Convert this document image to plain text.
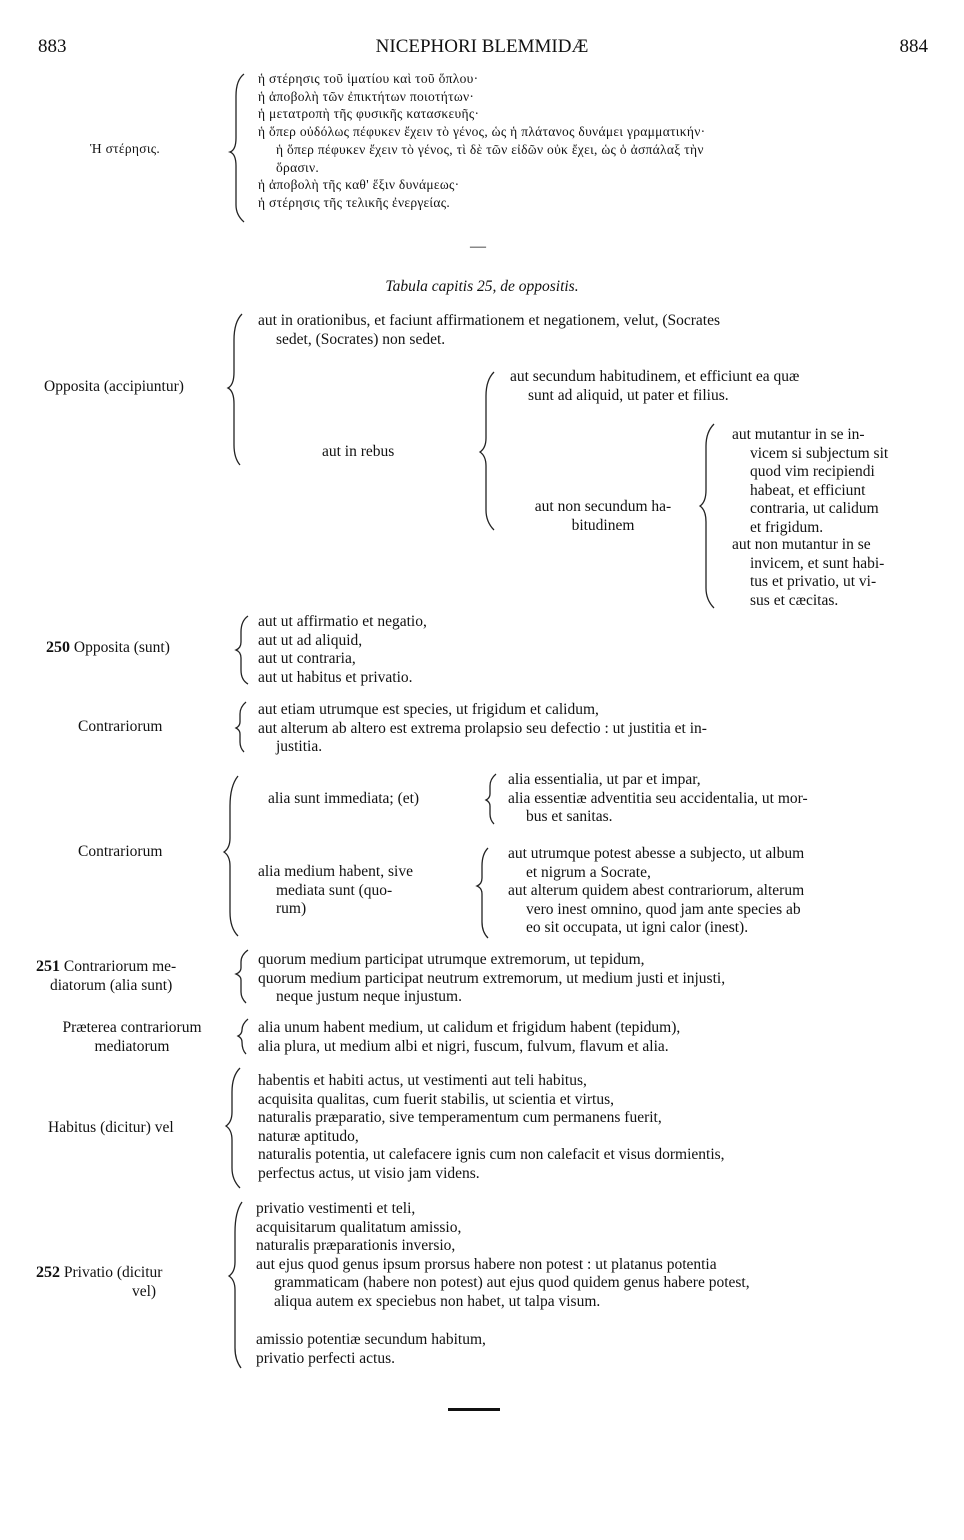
883	NICEPHORI BLEMMIDÆ	884
Ἡ στέρησις.
ἡ στέρησις τοῦ ἱματίου καὶ τοῦ ὅπλου·
ἡ ἀποβολὴ τῶν ἐπικτήτων ποιοτήτων·
ἡ μετατροπὴ τῆς φυσικῆς κατασκευῆς·
ἡ ὅπερ οὐδόλως πέφυκεν ἔχειν τὸ γένος, ὡς ἡ πλάτανος δυνάμει γραμματικήν·
ἡ ὅπερ πέφυκεν ἔχειν τὸ γένος, τὶ δὲ τῶν εἰδῶν οὐκ ἔχει, ὡς ὁ ἀσπάλαξ τὴν
ὅρασιν.
ἡ ἀποβολὴ τῆς καθ' ἕξιν δυνάμεως·
ἡ στέρησις τῆς τελικῆς ἐνεργείας.
—
Tabula capitis 25, de oppositis.
Opposita (accipiuntur)
aut in orationibus, et faciunt affirmationem et negationem, velut, (Socrates
sedet, (Socrates) non sedet.
aut in rebus
aut secundum habitudinem, et efficiunt ea quæ
sunt ad aliquid, ut pater et filius.
aut non secundum ha-
bitudinem
aut mutantur in se in-
vicem si subjectum sit
quod vim recipiendi
habeat, et efficiunt
contraria, ut calidum
et frigidum.
aut non mutantur in se
invicem, et sunt habi-
tus et privatio, ut vi-
sus et cæcitas.
250 Opposita (sunt)
aut ut affirmatio et negatio,
aut ut ad aliquid,
aut ut contraria,
aut ut habitus et privatio.
Contrariorum
aut etiam utrumque est species, ut frigidum et calidum,
aut alterum ab altero est extrema prolapsio seu defectio : ut justitia et in-
justitia.
Contrariorum
alia sunt immediata; (et)
alia essentialia, ut par et impar,
alia essentiæ adventitia seu accidentalia, ut mor-
bus et sanitas.
alia medium habent, sive
mediata sunt (quo-
rum)
aut utrumque potest abesse a subjecto, ut album
et nigrum a Socrate,
aut alterum quidem abest contrariorum, alterum
vero inest omnino, quod jam ante species ab
eo sit occupata, ut igni calor (inest).
251 Contrariorum me-
diatorum (alia sunt)
quorum medium participat utrumque extremorum, ut tepidum,
quorum medium participat neutrum extremorum, ut medium justi et injusti,
neque justum neque injustum.
Præterea contrariorum
mediatorum
alia unum habent medium, ut calidum et frigidum habent (tepidum),
alia plura, ut medium albi et nigri, fuscum, fulvum, flavum et alia.
Habitus (dicitur) vel
habentis et habiti actus, ut vestimenti aut teli habitus,
acquisita qualitas, cum fuerit stabilis, ut scientia et virtus,
naturalis præparatio, sive temperamentum cum permanens fuerit,
naturæ aptitudo,
naturalis potentia, ut calefacere ignis cum non calefacit et visus dormientis,
perfectus actus, ut visio jam videns.
252 Privatio (dicitur
vel)
privatio vestimenti et teli,
acquisitarum qualitatum amissio,
naturalis præparationis inversio,
aut ejus quod genus ipsum prorsus habere non potest : ut platanus potentia
grammaticam (habere non potest) aut ejus quod quidem genus habere potest,
aliqua autem ex speciebus non habet, ut talpa visum.
amissio potentiæ secundum habitum,
privatio perfecti actus.
